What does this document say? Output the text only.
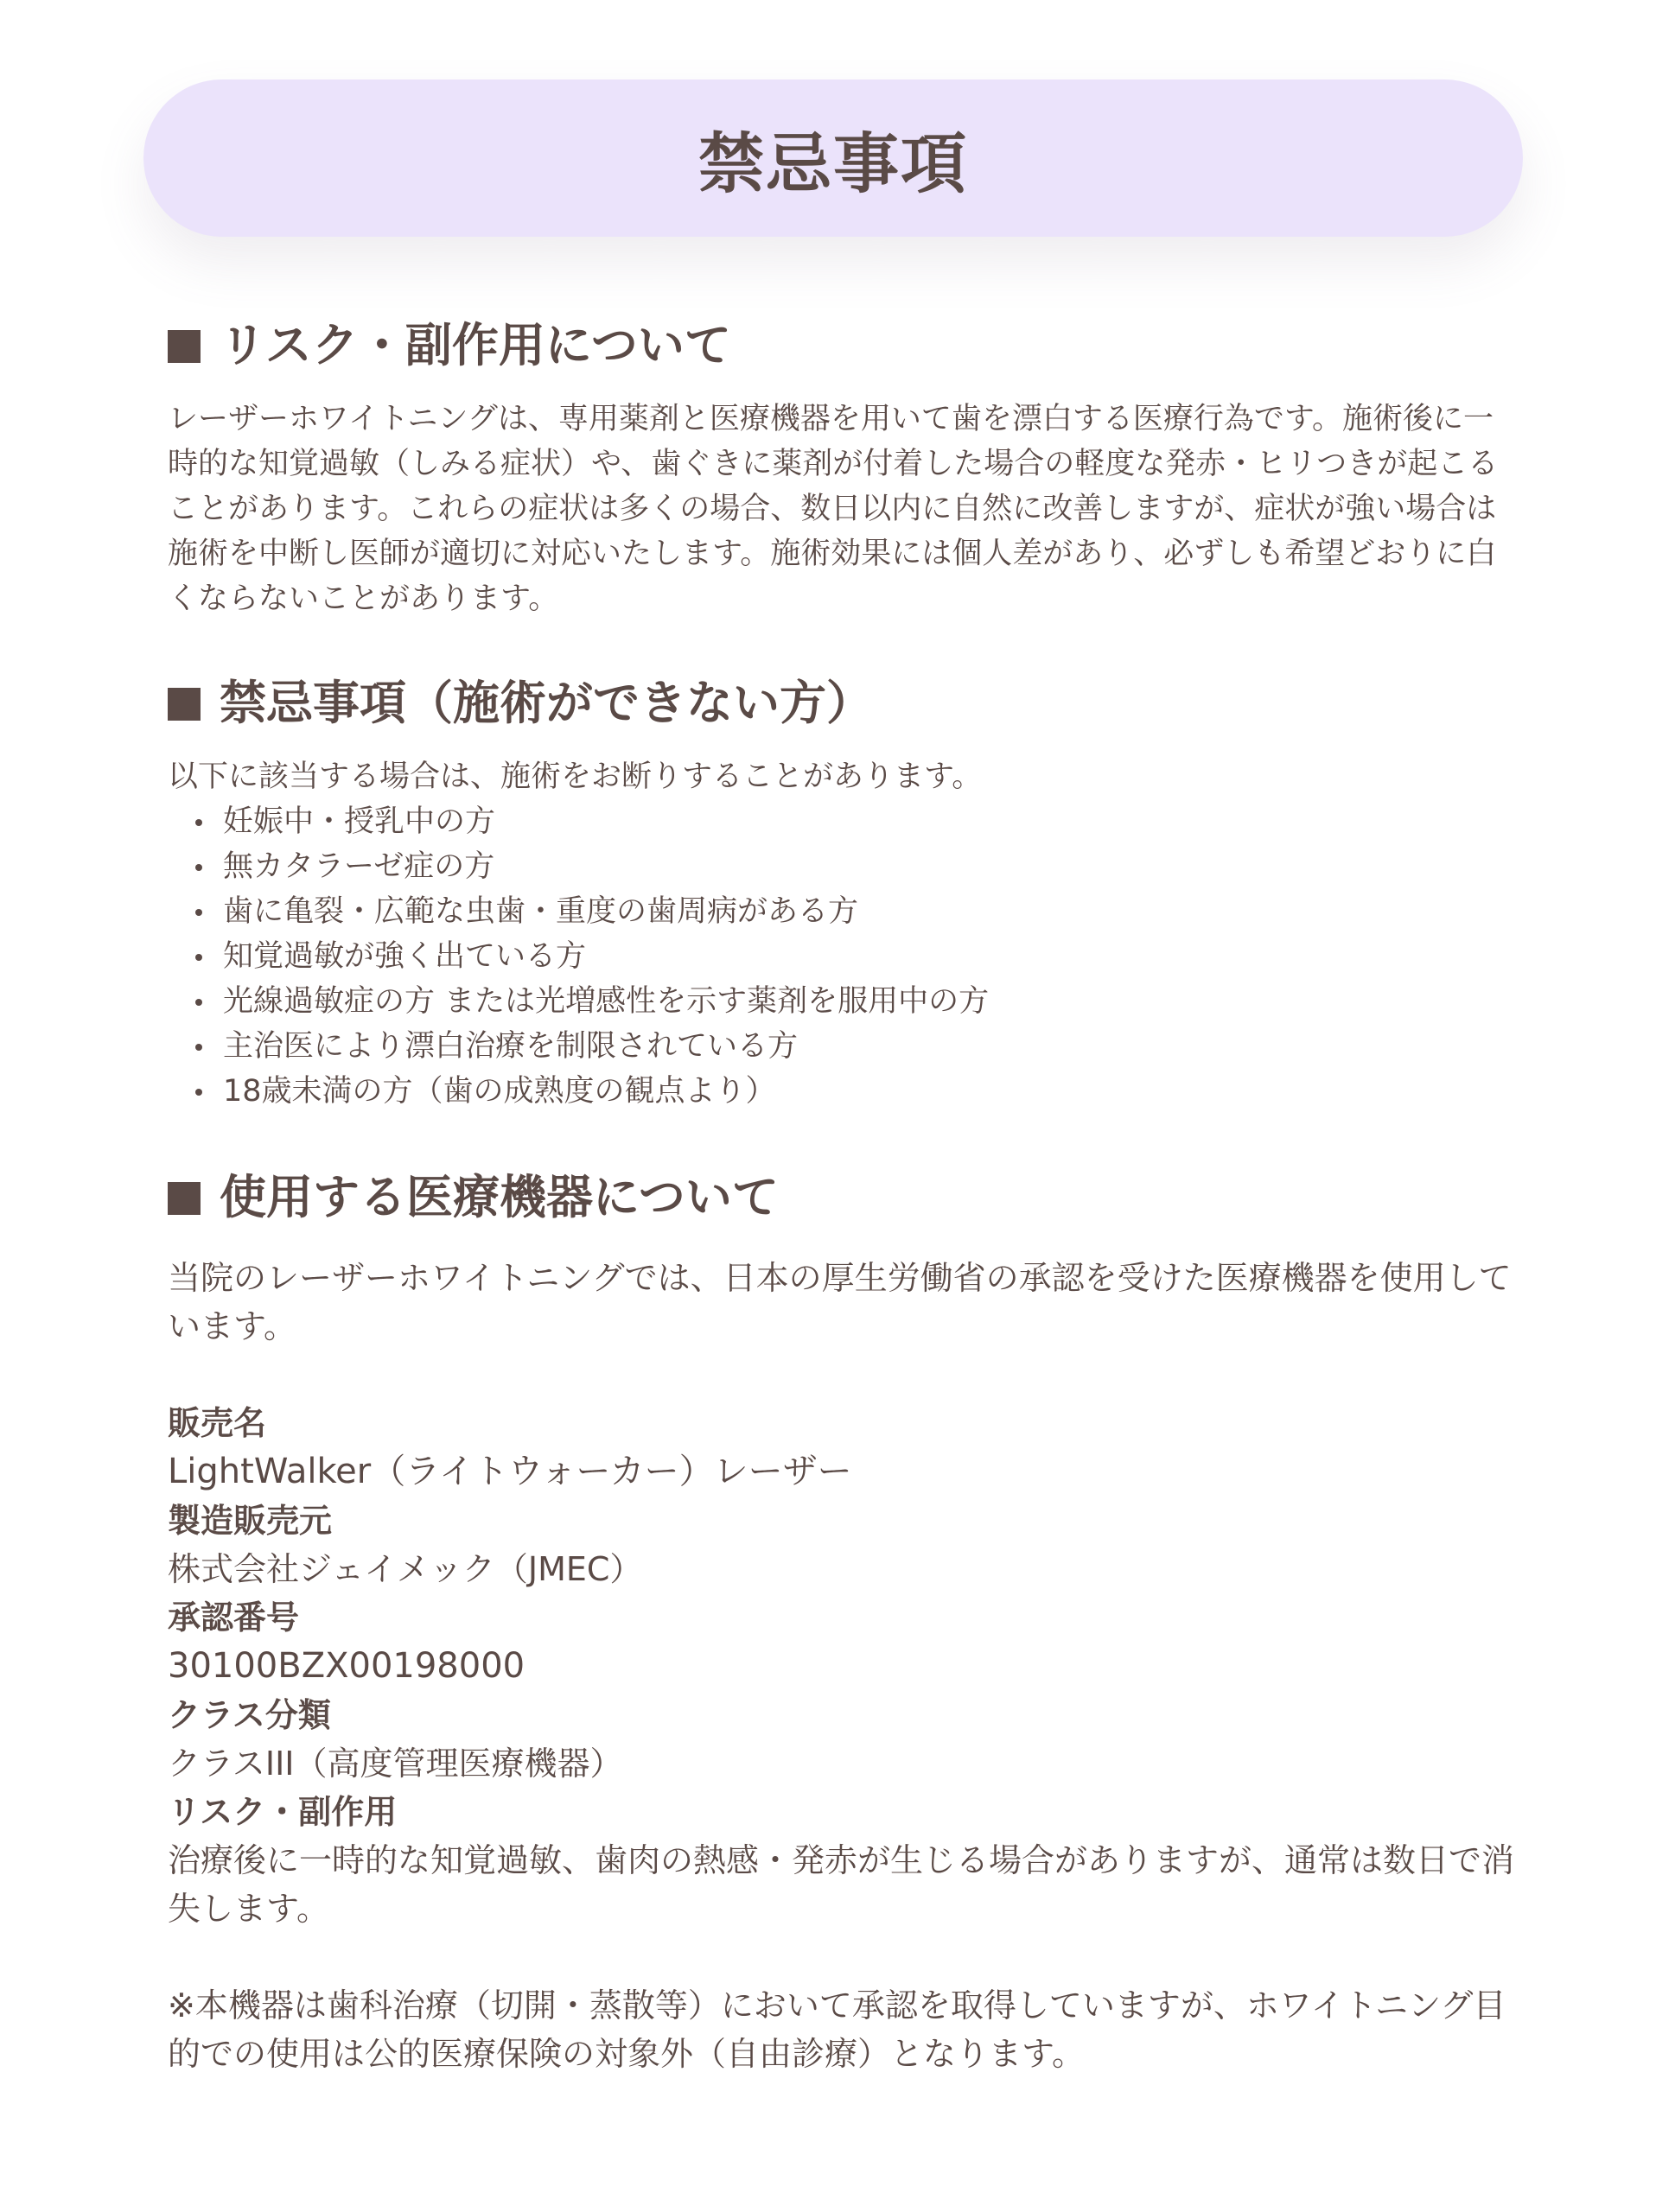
禁忌事項
リスク・副作用について

レーザーホワイトニングは、専用薬剤と医療機器を用いて歯を漂白する医療行為です。施術後に一時的な知覚過敏（しみる症状）や、歯ぐきに薬剤が付着した場合の軽度な発赤・ヒリつきが起こることがあります。これらの症状は多くの場合、数日以内に自然に改善しますが、症状が強い場合は施術を中断し医師が適切に対応いたします。施術効果には個人差があり、必ずしも希望どおりに白くならないことがあります。

禁忌事項（施術ができない方）

以下に該当する場合は、施術をお断りすることがあります。

妊娠中・授乳中の方
無カタラーゼ症の方
歯に亀裂・広範な虫歯・重度の歯周病がある方
知覚過敏が強く出ている方
光線過敏症の方 または光増感性を示す薬剤を服用中の方
主治医により漂白治療を制限されている方
18歳未満の方（歯の成熟度の観点より）
使用する医療機器について

当院のレーザーホワイトニングでは、日本の厚生労働省の承認を受けた医療機器を使用しています。

販売名
LightWalker（ライトウォーカー）レーザー
製造販売元
株式会社ジェイメック（JMEC）
承認番号
30100BZX00198000
クラス分類
クラスIII（高度管理医療機器）
リスク・副作用
治療後に一時的な知覚過敏、歯肉の熱感・発赤が生じる場合がありますが、通常は数日で消失します。

※本機器は歯科治療（切開・蒸散等）において承認を取得していますが、ホワイトニング目的での使用は公的医療保険の対象外（自由診療）となります。
